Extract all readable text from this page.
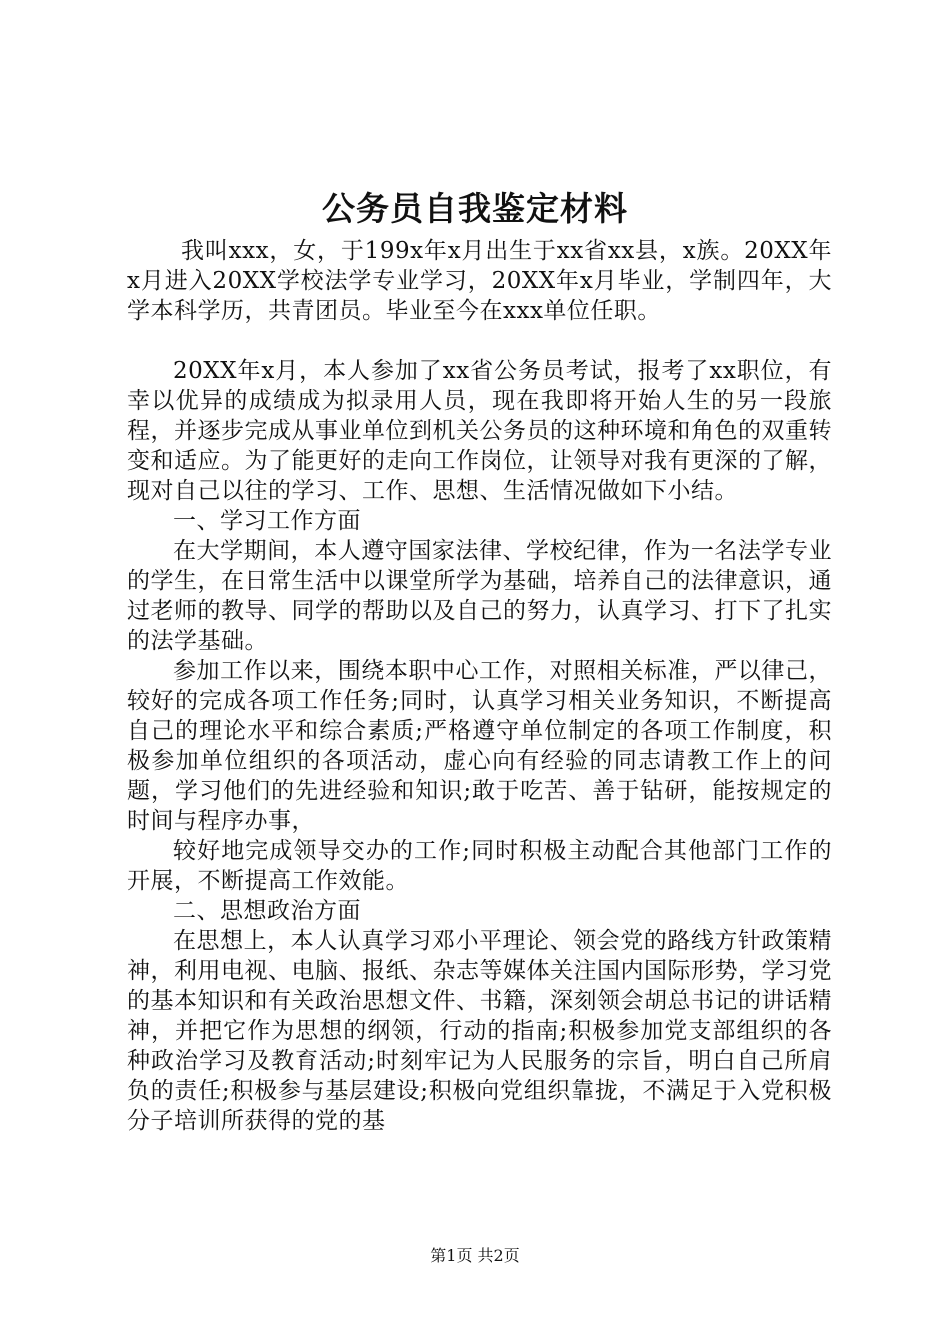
公务员自我鉴定材料

我叫xxx，女，于199x年x月出生于xx省xx县，x族。20XX年x月进入20XX学校法学专业学习，20XX年x月毕业，学制四年，大学本科学历，共青团员。毕业至今在xxx单位任职。

20XX年x月，本人参加了xx省公务员考试，报考了xx职位，有幸以优异的成绩成为拟录用人员，现在我即将开始人生的另一段旅程，并逐步完成从事业单位到机关公务员的这种环境和角色的双重转变和适应。为了能更好的走向工作岗位，让领导对我有更深的了解，现对自己以往的学习、工作、思想、生活情况做如下小结。

一、学习工作方面

在大学期间，本人遵守国家法律、学校纪律，作为一名法学专业的学生，在日常生活中以课堂所学为基础，培养自己的法律意识，通过老师的教导、同学的帮助以及自己的努力，认真学习、打下了扎实的法学基础。

参加工作以来，围绕本职中心工作，对照相关标准，严以律己，较好的完成各项工作任务;同时，认真学习相关业务知识，不断提高自己的理论水平和综合素质;严格遵守单位制定的各项工作制度，积极参加单位组织的各项活动，虚心向有经验的同志请教工作上的问题，学习他们的先进经验和知识;敢于吃苦、善于钻研，能按规定的时间与程序办事，

较好地完成领导交办的工作;同时积极主动配合其他部门工作的开展，不断提高工作效能。

二、思想政治方面

在思想上，本人认真学习邓小平理论、领会党的路线方针政策精神，利用电视、电脑、报纸、杂志等媒体关注国内国际形势，学习党的基本知识和有关政治思想文件、书籍，深刻领会胡总书记的讲话精神，并把它作为思想的纲领，行动的指南;积极参加党支部组织的各种政治学习及教育活动;时刻牢记为人民服务的宗旨，明白自己所肩负的责任;积极参与基层建设;积极向党组织靠拢，不满足于入党积极分子培训所获得的党的基

第1页 共2页
